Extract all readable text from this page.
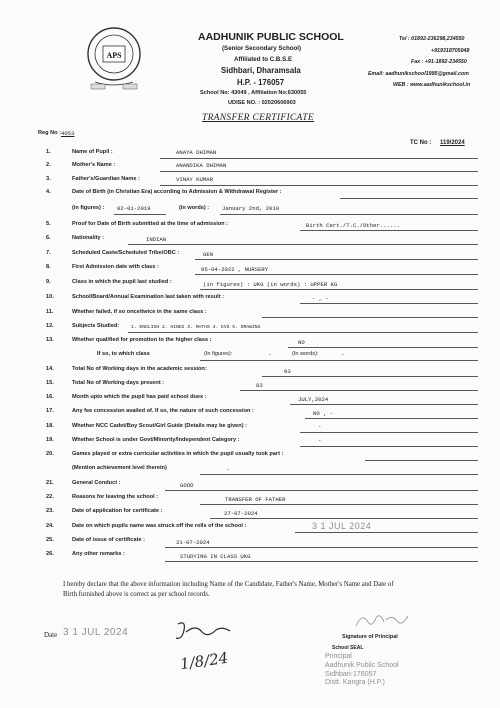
APS
AADHUNIK PUBLIC SCHOOL
(Senior Secondary School)
Affiliated to C.B.S.E
Sidhbari, Dharamsala
H.P. - 176057
School No: 43049 , Affiliation No:630055
UDISE NO. : 02020606903
Tel : 01892-236298,234550
+919318705048
Fax : +91-1892-234550
Email: aadhunikschool1995@gmail.com
WEB : www.aadhunikschool.in
TRANSFER CERTIFICATE
Reg No : 4053
TC No : 119/2024
1.	Name of Pupil :	ANAYA DHIMAN
2.	Mother's Name :	ANANDIKA DHIMAN
3.	Father's/Guardian Name :	VINAY KUMAR
4.	Date of Birth (in Christian Era) according to Admission & Withdrawal Register :
(in figures) : 02-01-2019	(in words) : January 2nd, 2019
5.	Proof for Date of Birth submitted at the time of admission :	Birth Cert./T.C./Other......
6.	Nationality :	INDIAN
7.	Scheduled Caste/Scheduled Tribe/OBC :	GEN
8.	First Admission date with class :	05-04-2022 , NURSERY
9.	Class in which the pupil last studied :	(in figures) : UKG (in words) : UPPER KG
10.	School/Board/Annual Examination last taken with result :	- , -
11.	Whether failed, if so once/twice in the same class :
12.	Subjects Studied:	1. ENGLISH 2. HINDI 3. MATHS 4. EVS 5. DRAWING
13.	Whether qualified for promotion to the higher class :	NO
If so, to which class	(In figures):	-	(In words):	-
14.	Total No of Working days in the academic session:	93
15.	Total No of Working days present :	83
16.	Month upto which the pupil has paid school dues :	JULY,2024
17.	Any fee concession availed of. If so, the nature of such concession :	NO , -
18.	Whether NCC Cadet/Boy Scout/Girl Guide (Details may be given) :	-
19.	Whether School is under Govt/Minority/Independent Category :	-
20.	Games played or extra curricular activities in which the pupil usually took part :
(Mention achievement level therein)	-
21.	General Conduct :	GOOD
22.	Reasons for leaving the school :	TRANSFER OF FATHER
23.	Date of application for certificate :	27-07-2024
24.	Date on which pupils name was struck off the rolls of the school :	3 1 JUL 2024
25.	Date of issue of certificate :	31-07-2024
26.	Any other remarks :	STUDYING IN CLASS UKG
I hereby declare that the above information including Name of the Candidate, Father's Name, Mother's Name and Date of
Birth furnished above is correct as per school records.
Date 3 1 JUL 2024
1/8/24
Signature of Principal
School SEAL
Principal
Aadhunik Public School
Sidhbari-176057
Distt. Kangra (H.P.)
